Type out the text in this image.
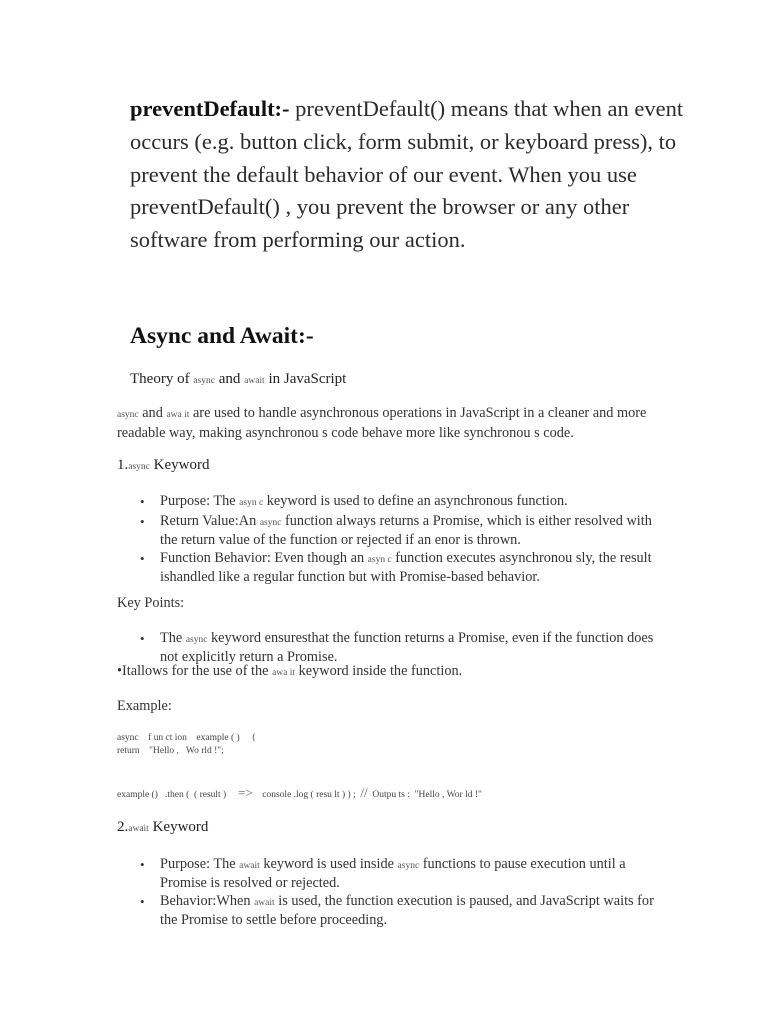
preventDefault:- preventDefault() means that when an event occurs (e.g. button click, form submit, or keyboard press), to prevent the default behavior of our event. When you use preventDefault() , you prevent the browser or any other software from performing our action.
Async and Await:-
Theory of async and await in JavaScript
async and awa it are used to handle asynchronous operations in JavaScript in a cleaner and more
readable way, making asynchronou s code behave more like synchronou s code.
1.async Keyword
• Purpose: The asyn c keyword is used to define an asynchronous function.
• Return Value:An async function always returns a Promise, which is either resolved with the return value of the function or rejected if an enor is thrown.
• Function Behavior: Even though an asyn c function executes asynchronou sly, the result ishandled like a regular function but with Promise-based behavior.
Key Points:
• The async keyword ensuresthat the function returns a Promise, even if the function does not explicitly return a Promise.
•Itallows for the use of the awa it keyword inside the function.
Example:
async    f un ct ion    example ( )     {
return    "Hello ,   Wo rld !";
example ()   .then (  ( result )     =>    console .log ( resu lt ) ) ;  //  Outpu ts :  "Hello , Wor ld !"
2.await Keyword
• Purpose: The await keyword is used inside async functions to pause execution until a Promise is resolved or rejected.
• Behavior:When await is used, the function execution is paused, and JavaScript waits for the Promise to settle before proceeding.
